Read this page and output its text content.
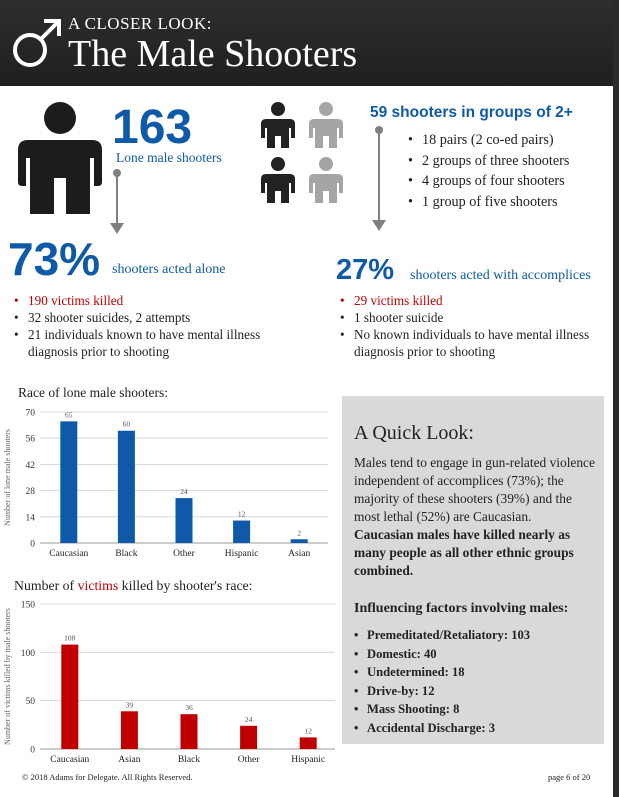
A CLOSER LOOK:
The Male Shooters
163
Lone male shooters
59 shooters in groups of 2+
• 18 pairs (2 co-ed pairs)
• 2 groups of three shooters
• 4 groups of four shooters
• 1 group of five shooters
73% shooters acted alone
• 190 victims killed
• 32 shooter suicides, 2 attempts
• 21 individuals known to have mental illness diagnosis prior to shooting
27% shooters acted with accomplices
• 29 victims killed
• 1 shooter suicide
• No known individuals to have mental illness diagnosis prior to shooting
Race of lone male shooters:
Number of lone male shooters
0
14
28
42
56
70	65
Caucasian
60
Black
24
Other
12
Hispanic
2
Asian
Number of victims killed by shooter's race:
Number of victims killed by male shooters
0
50
100
150
108
Caucasian
39
Asian
36
Black
24
Other
12
Hispanic
A Quick Look:
Males tend to engage in gun-related violence independent of accomplices (73%); the majority of these shooters (39%) and the most lethal (52%) are Caucasian.
Caucasian males have killed nearly as many people as all other ethnic groups combined.
Influencing factors involving males:
• Premeditated/Retaliatory: 103
• Domestic: 40
• Undetermined: 18
• Drive-by: 12
• Mass Shooting: 8
• Accidental Discharge: 3
© 2018 Adams for Delegate. All Rights Reserved.	page 6 of 20
